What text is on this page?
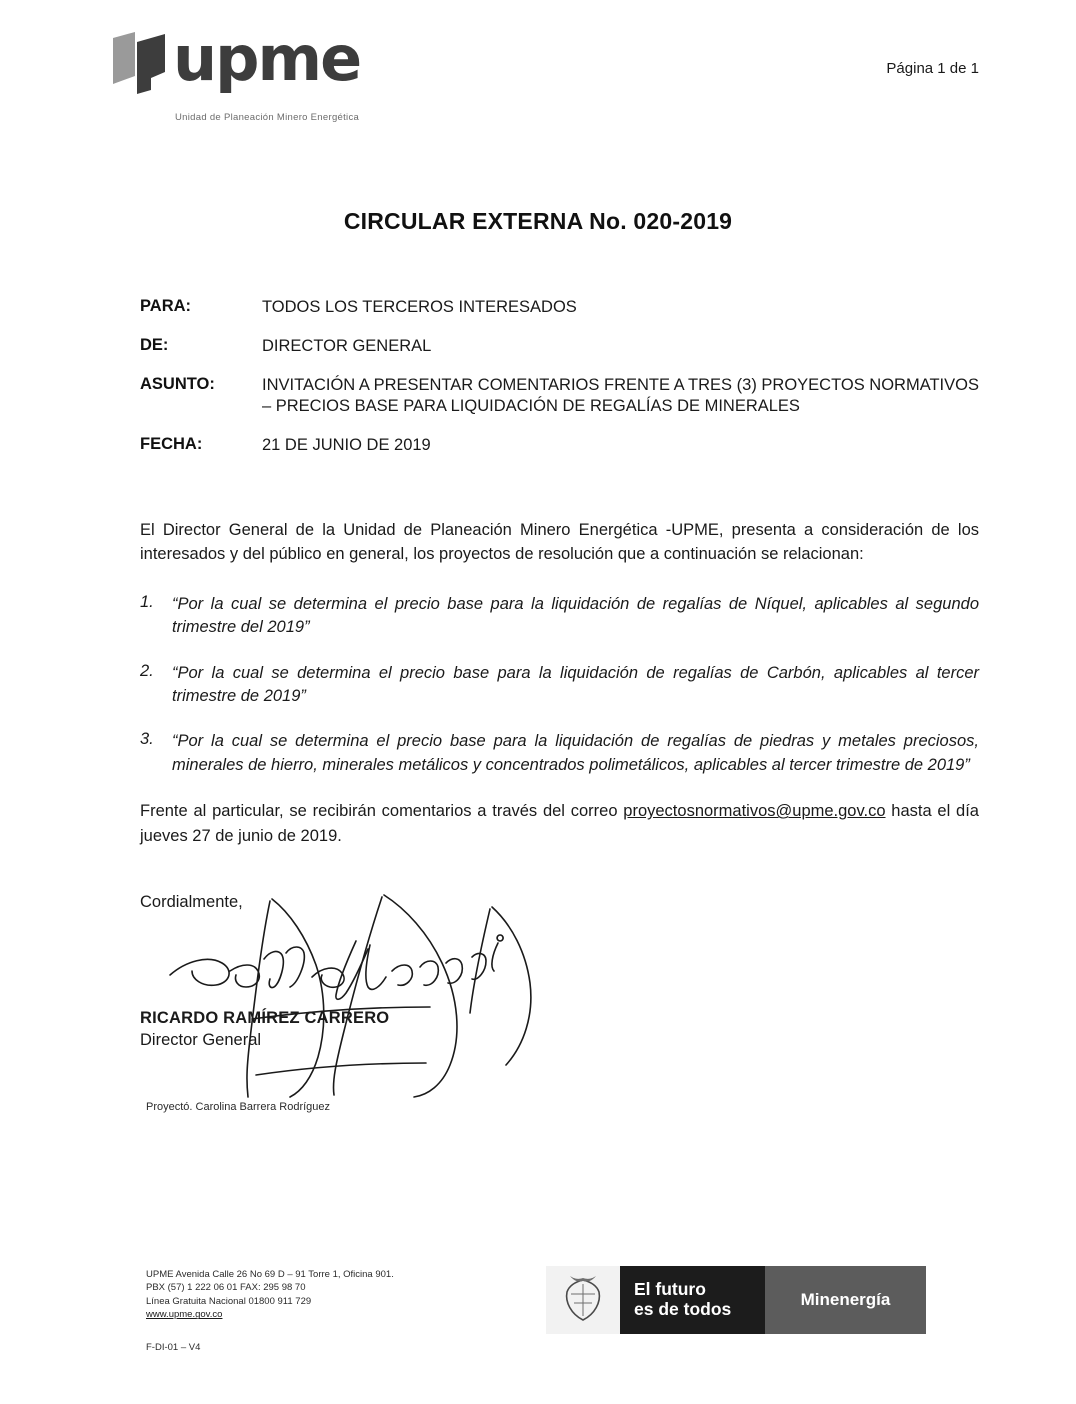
upme
Unidad de Planeación Minero Energética
Página 1 de 1
CIRCULAR EXTERNA No. 020-2019
PARA:	TODOS LOS TERCEROS INTERESADOS
DE:	DIRECTOR GENERAL
ASUNTO:	INVITACIÓN A PRESENTAR COMENTARIOS FRENTE A TRES (3) PROYECTOS NORMATIVOS – PRECIOS BASE PARA LIQUIDACIÓN DE REGALÍAS DE MINERALES
FECHA:	21 DE JUNIO DE 2019
El Director General de la Unidad de Planeación Minero Energética -UPME, presenta a consideración de los interesados y del público en general, los proyectos de resolución que a continuación se relacionan:
1.	“Por la cual se determina el precio base para la liquidación de regalías de Níquel, aplicables al segundo trimestre del 2019”
2.	“Por la cual se determina el precio base para la liquidación de regalías de Carbón, aplicables al tercer trimestre de 2019”
3.	“Por la cual se determina el precio base para la liquidación de regalías de piedras y metales preciosos, minerales de hierro, minerales metálicos y concentrados polimetálicos, aplicables al tercer trimestre de 2019”
Frente al particular, se recibirán comentarios a través del correo proyectosnormativos@upme.gov.co hasta el día jueves 27 de junio de 2019.
Cordialmente,
RICARDO RAMÍREZ CARRERO
Director General
Proyectó. Carolina Barrera Rodríguez
UPME Avenida Calle 26 No 69 D – 91 Torre 1, Oficina 901.
PBX (57) 1 222 06 01 FAX: 295 98 70
Línea Gratuita Nacional 01800 911 729
www.upme.gov.co
F-DI-01 – V4
El futuro
es de todos	Minenergía
